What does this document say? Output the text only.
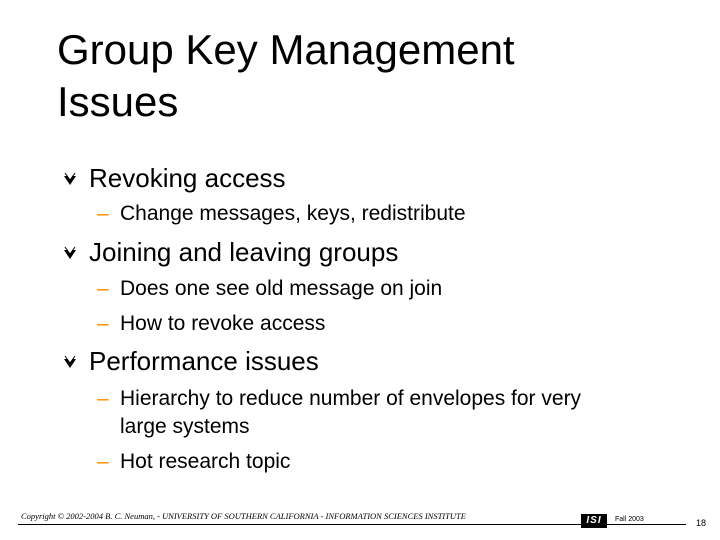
Group Key Management
Issues
Revoking access
– Change messages, keys, redistribute
Joining and leaving groups
– Does one see old message on join
– How to revoke access
Performance issues
– Hierarchy to reduce number of envelopes for very
large systems
– Hot research topic
Copyright © 2002-2004 B. C. Neuman, - UNIVERSITY OF SOUTHERN CALIFORNIA - INFORMATION SCIENCES INSTITUTE	ISI	Fall 2003	18
